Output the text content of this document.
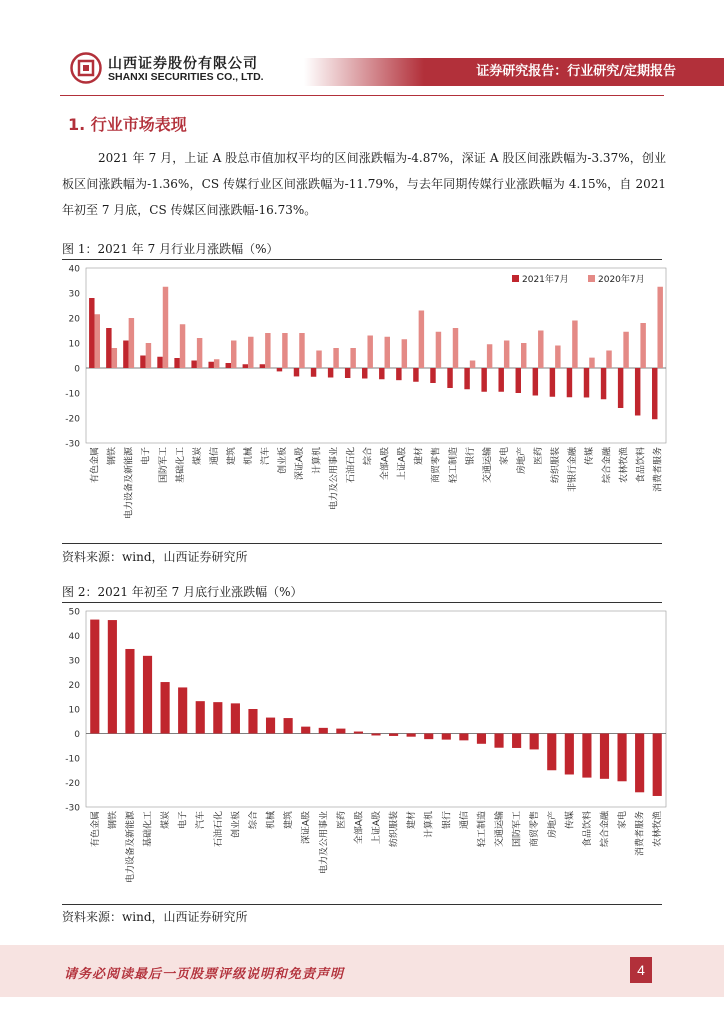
山西证券股份有限公司
SHANXI SECURITIES CO., LTD.	证券研究报告：行业研究/定期报告
1. 行业市场表现
2021 年 7 月，上证 A 股总市值加权平均的区间涨跌幅为-4.87%，深证 A 股区间涨跌幅为-3.37%，创业板区间涨跌幅为-1.36%，CS 传媒行业区间涨跌幅为-11.79%，与去年同期传媒行业涨跌幅为 4.15%，自 2021 年初至 7 月底，CS 传媒区间涨跌幅-16.73%。
图 1：2021 年 7 月行业月涨跌幅（%）
-30
-20
-10
0
10
20
30
40
有色金属 钢铁 电力设备及新能源 电子 国防军工 基础化工 煤炭 通信 建筑 机械 汽车 创业板 深证A股 计算机 电力及公用事业 石油石化 综合 全部A股 上证A股 建材 商贸零售 轻工制造 银行 交通运输 家电 房地产 医药 纺织服装 非银行金融 传媒 综合金融 农林牧渔 食品饮料 消费者服务
2021年7月	2020年7月
资料来源：wind，山西证券研究所
图 2：2021 年初至 7 月底行业涨跌幅（%）
-30
-20
-10
0
10
20
30
40
50
有色金属 钢铁 电力设备及新能源 基础化工 煤炭 电子 汽车 石油石化 创业板 综合 机械 建筑 深证A股 电力及公用事业 医药 全部A股 上证A股 纺织服装 建材 计算机 银行 通信 轻工制造 交通运输 国防军工 商贸零售 房地产 传媒 食品饮料 综合金融 家电 消费者服务 农林牧渔
资料来源：wind，山西证券研究所
请务必阅读最后一页股票评级说明和免责声明	4
